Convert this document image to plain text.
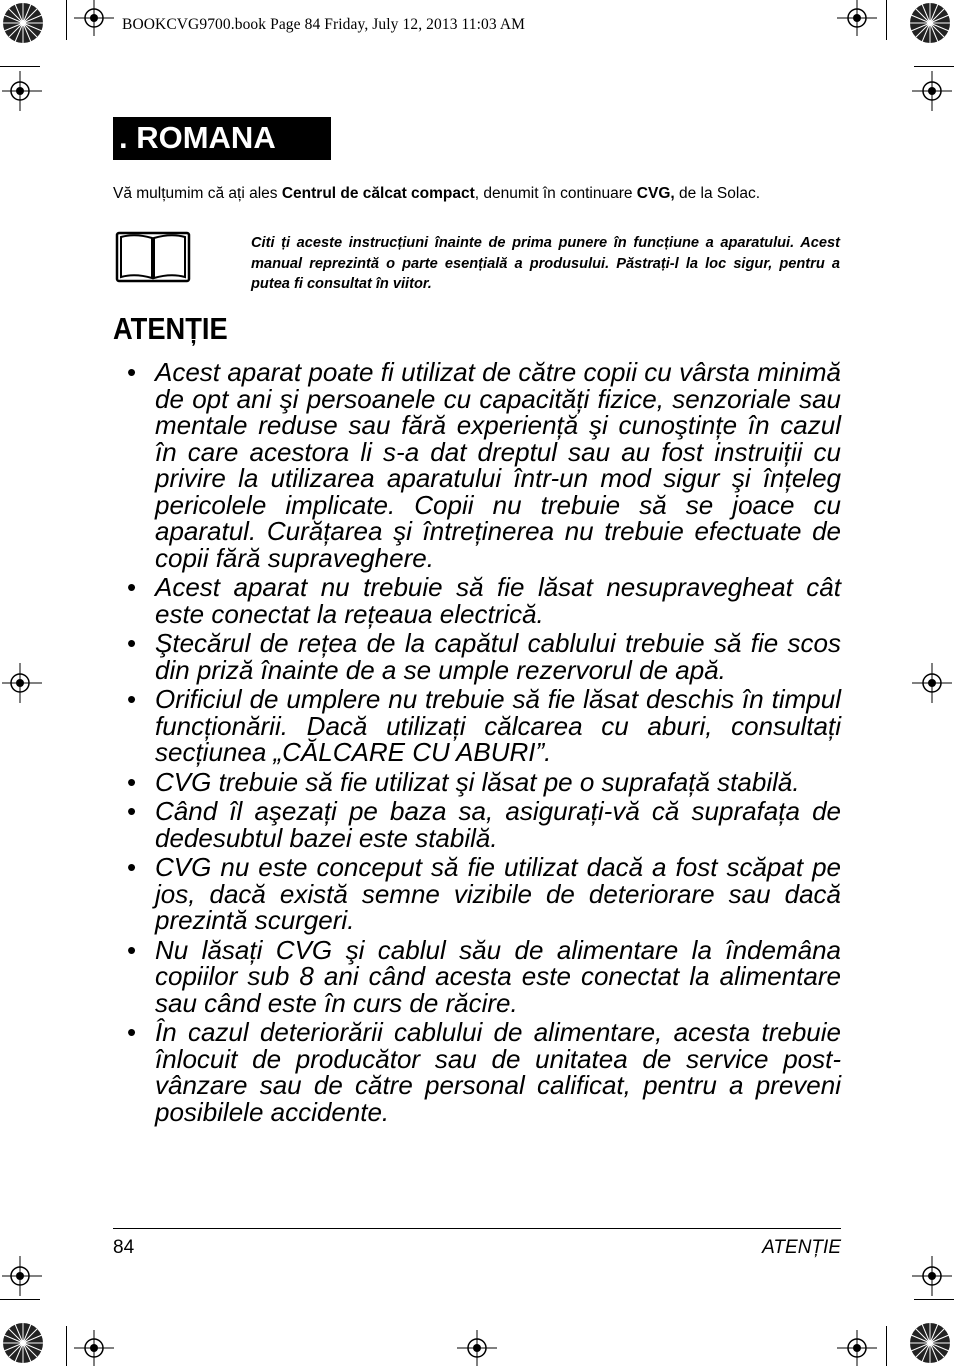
BOOKCVG9700.book Page 84 Friday, July 12, 2013 11:03 AM
. ROMANA
Vă mulțumim că ați ales Centrul de călcat compact, denumit în continuare CVG, de la Solac.
Citi ți aceste instrucțiuni înainte de prima punere în funcțiune a aparatului. Acest manual reprezintă o parte esențială a produsului. Păstrați-l la loc sigur, pentru a putea fi consultat în viitor.
ATENȚIE
• Acest aparat poate fi utilizat de către copii cu vârsta minimă de opt ani şi persoanele cu capacități fizice, senzoriale sau mentale reduse sau fără experiență şi cunoştințe în cazul în care acestora li s-a dat dreptul sau au fost instruiții cu privire la utilizarea aparatului într-un mod sigur şi înțeleg pericolele implicate. Copii nu trebuie să se joace cu aparatul. Curățarea şi întreținerea nu trebuie efectuate de copii fără supraveghere.
• Acest aparat nu trebuie să fie lăsat nesupravegheat cât este conectat la rețeaua electrică.
• Ştecărul de rețea de la capătul cablului trebuie să fie scos din priză înainte de a se umple rezervorul de apă.
• Orificiul de umplere nu trebuie să fie lăsat deschis în timpul funcționării. Dacă utilizați călcarea cu aburi, consultați secțiunea „CĂLCARE CU ABURI”.
• CVG trebuie să fie utilizat şi lăsat pe o suprafață stabilă.
• Când îl aşezați pe baza sa, asigurați-vă că suprafața de dedesubtul bazei este stabilă.
• CVG nu este conceput să fie utilizat dacă a fost scăpat pe jos, dacă există semne vizibile de deteriorare sau dacă prezintă scurgeri.
• Nu lăsați CVG şi cablul său de alimentare la îndemâna copiilor sub 8 ani când acesta este conectat la alimentare sau când este în curs de răcire.
• În cazul deteriorării cablului de alimentare, acesta trebuie înlocuit de producător sau de unitatea de service post-vânzare sau de către personal calificat, pentru a preveni posibilele accidente.
84	ATENȚIE
